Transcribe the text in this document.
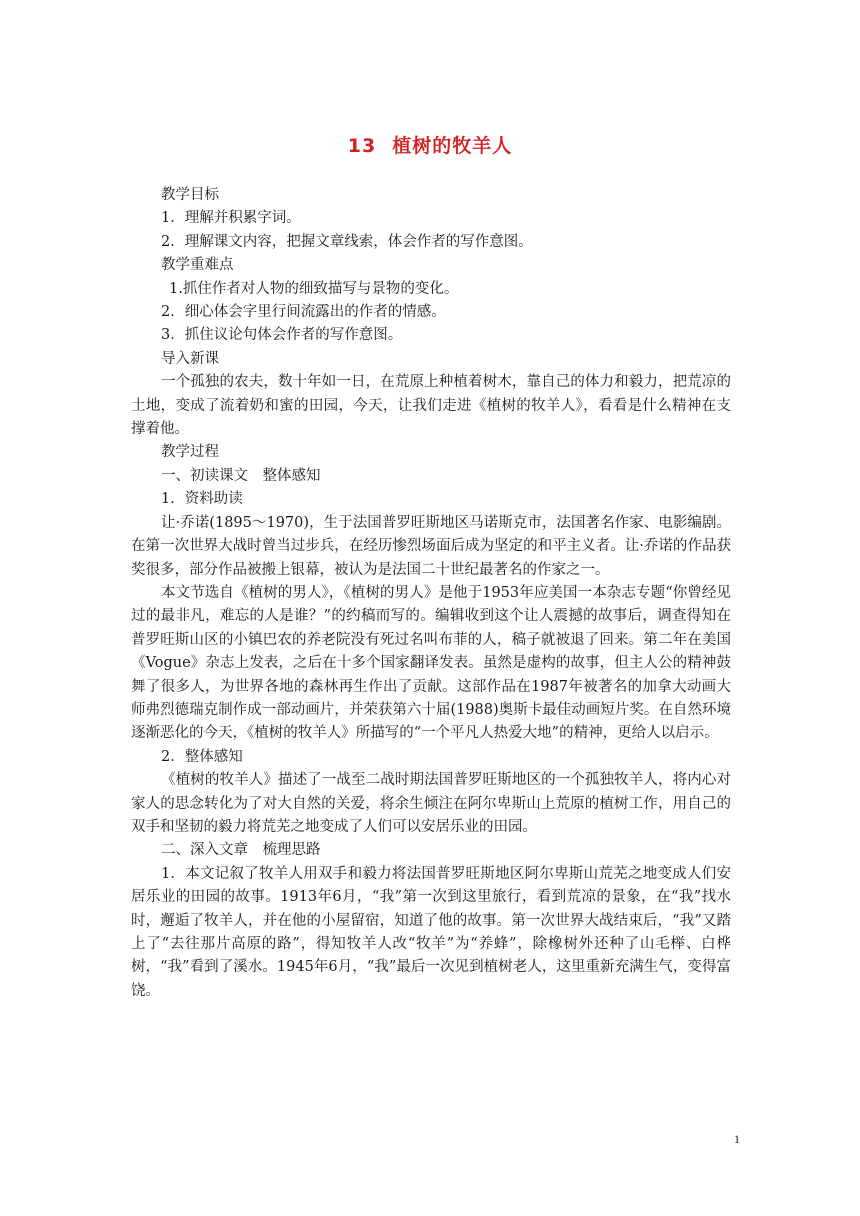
13 植树的牧羊人

教学目标

1．理解并积累字词。

2．理解课文内容，把握文章线索，体会作者的写作意图。

教学重难点

1.抓住作者对人物的细致描写与景物的变化。

2．细心体会字里行间流露出的作者的情感。

3．抓住议论句体会作者的写作意图。

导入新课

一个孤独的农夫，数十年如一日，在荒原上种植着树木，靠自己的体力和毅力，把荒凉的土地，变成了流着奶和蜜的田园，今天，让我们走进《植树的牧羊人》，看看是什么精神在支撑着他。

教学过程

一、初读课文　整体感知

1．资料助读

让·乔诺(1895～1970)，生于法国普罗旺斯地区马诺斯克市，法国著名作家、电影编剧。在第一次世界大战时曾当过步兵，在经历惨烈场面后成为坚定的和平主义者。让·乔诺的作品获奖很多，部分作品被搬上银幕，被认为是法国二十世纪最著名的作家之一。

本文节选自《植树的男人》，《植树的男人》是他于1953年应美国一本杂志专题“你曾经见过的最非凡，难忘的人是谁？”的约稿而写的。编辑收到这个让人震撼的故事后，调查得知在普罗旺斯山区的小镇巴农的养老院没有死过名叫布菲的人，稿子就被退了回来。第二年在美国《Vogue》杂志上发表，之后在十多个国家翻译发表。虽然是虚构的故事，但主人公的精神鼓舞了很多人，为世界各地的森林再生作出了贡献。这部作品在1987年被著名的加拿大动画大师弗烈德瑞克制作成一部动画片，并荣获第六十届(1988)奥斯卡最佳动画短片奖。在自然环境逐渐恶化的今天，《植树的牧羊人》所描写的“一个平凡人热爱大地”的精神，更给人以启示。

2．整体感知

《植树的牧羊人》描述了一战至二战时期法国普罗旺斯地区的一个孤独牧羊人，将内心对家人的思念转化为了对大自然的关爱，将余生倾注在阿尔卑斯山上荒原的植树工作，用自己的双手和坚韧的毅力将荒芜之地变成了人们可以安居乐业的田园。

二、深入文章　梳理思路

1．本文记叙了牧羊人用双手和毅力将法国普罗旺斯地区阿尔卑斯山荒芜之地变成人们安居乐业的田园的故事。1913年6月，“我”第一次到这里旅行，看到荒凉的景象，在“我”找水时，邂逅了牧羊人，并在他的小屋留宿，知道了他的故事。第一次世界大战结束后，“我”又踏上了“去往那片高原的路”，得知牧羊人改“牧羊”为“养蜂”，除橡树外还种了山毛榉、白桦树，“我”看到了溪水。1945年6月，“我”最后一次见到植树老人，这里重新充满生气，变得富饶。

1
